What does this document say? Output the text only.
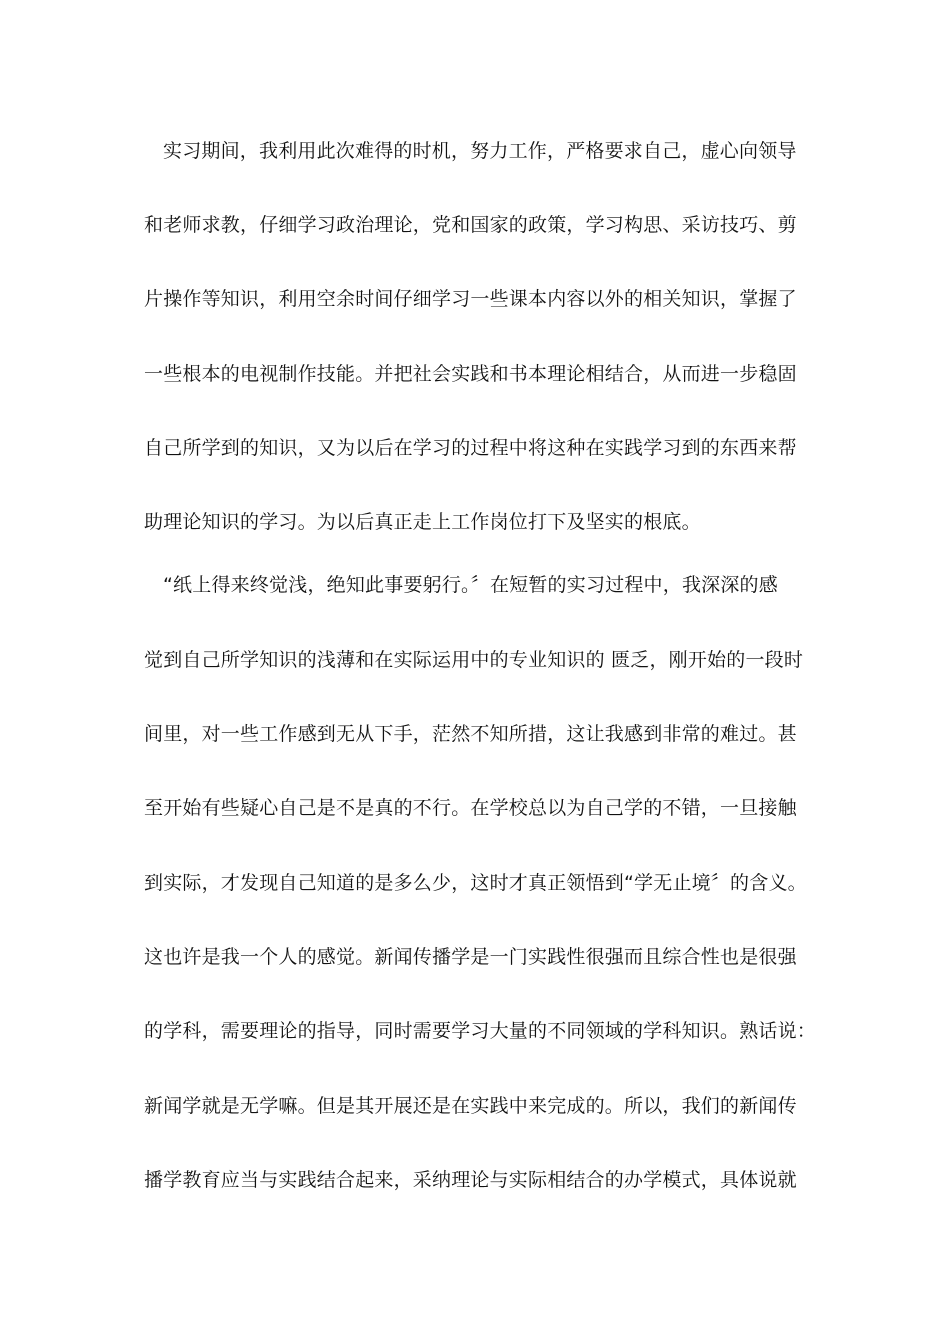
实习期间，我利用此次难得的时机，努力工作，严格要求自己，虚心向领导
和老师求教，仔细学习政治理论，党和国家的政策，学习构思、采访技巧、剪
片操作等知识，利用空余时间仔细学习一些课本内容以外的相关知识，掌握了
一些根本的电视制作技能。并把社会实践和书本理论相结合，从而进一步稳固
自己所学到的知识，又为以后在学习的过程中将这种在实践学习到的东西来帮
助理论知识的学习。为以后真正走上工作岗位打下及坚实的根底。
“纸上得来终觉浅，绝知此事要躬行。〞在短暂的实习过程中，我深深的感
觉到自己所学知识的浅薄和在实际运用中的专业知识的 匮乏，刚开始的一段时
间里，对一些工作感到无从下手，茫然不知所措，这让我感到非常的难过。甚
至开始有些疑心自己是不是真的不行。在学校总以为自己学的不错，一旦接触
到实际，才发现自己知道的是多么少，这时才真正领悟到“学无止境〞的含义。
这也许是我一个人的感觉。新闻传播学是一门实践性很强而且综合性也是很强
的学科，需要理论的指导，同时需要学习大量的不同领域的学科知识。熟话说：
新闻学就是无学嘛。但是其开展还是在实践中来完成的。所以，我们的新闻传
播学教育应当与实践结合起来，采纳理论与实际相结合的办学模式，具体说就
